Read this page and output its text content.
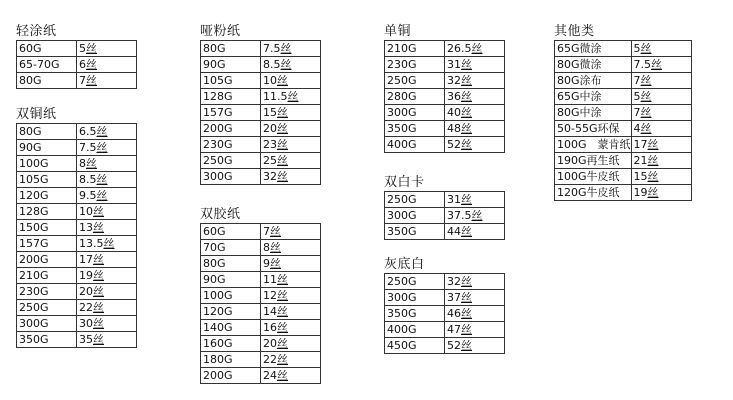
轻涂纸
60G	5丝
65-70G	6丝
80G	7丝
双铜纸
80G	6.5丝
90G	7.5丝
100G	8丝
105G	8.5丝
120G	9.5丝
128G	10丝
150G	13丝
157G	13.5丝
200G	17丝
210G	19丝
230G	20丝
250G	22丝
300G	30丝
350G	35丝
哑粉纸
80G	7.5丝
90G	8.5丝
105G	10丝
128G	11.5丝
157G	15丝
200G	20丝
230G	23丝
250G	25丝
300G	32丝
双胶纸
60G	7丝
70G	8丝
80G	9丝
90G	11丝
100G	12丝
120G	14丝
140G	16丝
160G	20丝
180G	22丝
200G	24丝
单铜
210G	26.5丝
230G	31丝
250G	32丝
280G	36丝
300G	40丝
350G	48丝
400G	52丝
双白卡
250G	31丝
300G	37.5丝
350G	44丝
灰底白
250G	32丝
300G	37丝
350G	46丝
400G	47丝
450G	52丝
其他类
65G微涂	5丝
80G微涂	7.5丝
80G涂布	7丝
65G中涂	5丝
80G中涂	7丝
50-55G环保	4丝
100G　蒙肯纸	17丝
190G再生纸	21丝
100G牛皮纸	15丝
120G牛皮纸	19丝
